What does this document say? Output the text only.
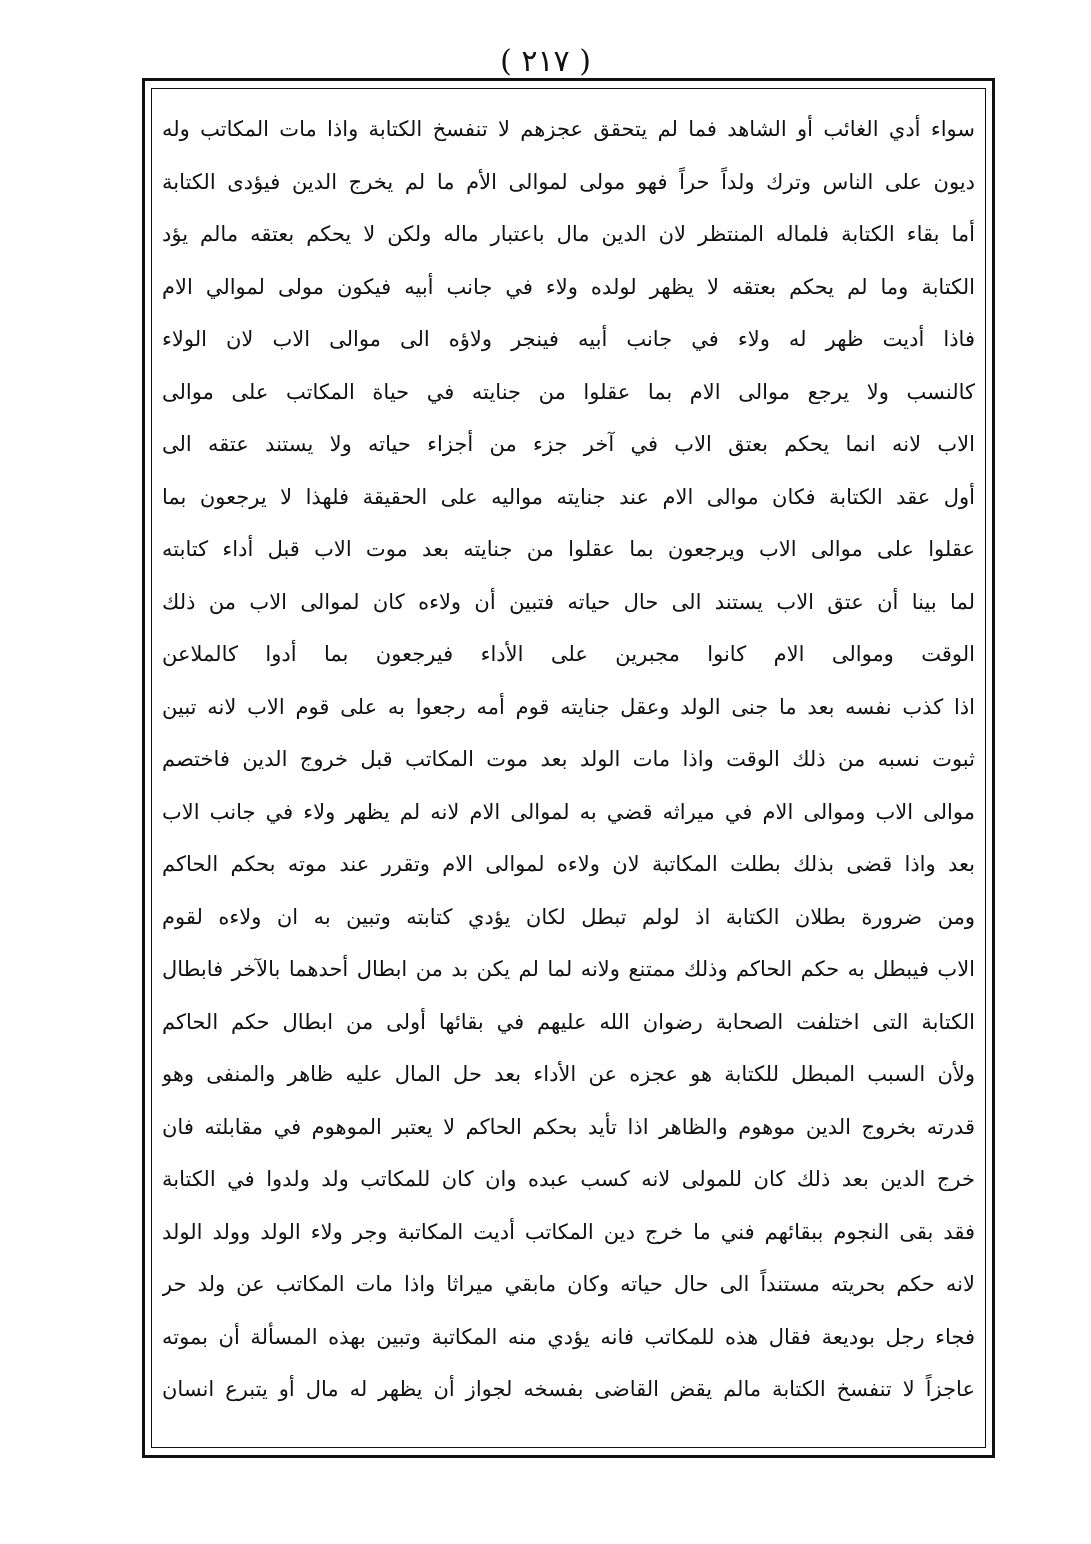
( ٢١٧ )
سواء أدي الغائب أو الشاهد فما لم يتحقق عجزهم لا تنفسخ الكتابة واذا مات المكاتب وله
ديون على الناس وترك ولداً حراً فهو مولى لموالى الأم ما لم يخرج الدين فيؤدى الكتابة
أما بقاء الكتابة فلماله المنتظر لان الدين مال باعتبار ماله ولكن لا يحكم بعتقه مالم يؤد
الكتابة وما لم يحكم بعتقه لا يظهر لولده ولاء في جانب أبيه فيكون مولى لموالي الام
فاذا أديت ظهر له ولاء في جانب أبيه فينجر ولاؤه الى موالى الاب لان الولاء
كالنسب ولا يرجع موالى الام بما عقلوا من جنايته في حياة المكاتب على موالى
الاب لانه انما يحكم بعتق الاب في آخر جزء من أجزاء حياته ولا يستند عتقه الى
أول عقد الكتابة فكان موالى الام عند جنايته مواليه على الحقيقة فلهذا لا يرجعون بما
عقلوا على موالى الاب ويرجعون بما عقلوا من جنايته بعد موت الاب قبل أداء كتابته
لما بينا أن عتق الاب يستند الى حال حياته فتبين أن ولاءه كان لموالى الاب من ذلك
الوقت وموالى الام كانوا مجبرين على الأداء فيرجعون بما أدوا كالملاعن
اذا كذب نفسه بعد ما جنى الولد وعقل جنايته قوم أمه رجعوا به على قوم الاب لانه تبين
ثبوت نسبه من ذلك الوقت واذا مات الولد بعد موت المكاتب قبل خروج الدين فاختصم
موالى الاب وموالى الام في ميراثه قضي به لموالى الام لانه لم يظهر ولاء في جانب الاب
بعد واذا قضى بذلك بطلت المكاتبة لان ولاءه لموالى الام وتقرر عند موته بحكم الحاكم
ومن ضرورة بطلان الكتابة اذ لولم تبطل لكان يؤدي كتابته وتبين به ان ولاءه لقوم
الاب فيبطل به حكم الحاكم وذلك ممتنع ولانه لما لم يكن بد من ابطال أحدهما بالآخر فابطال
الكتابة التى اختلفت الصحابة رضوان الله عليهم في بقائها أولى من ابطال حكم الحاكم
ولأن السبب المبطل للكتابة هو عجزه عن الأداء بعد حل المال عليه ظاهر والمنفى وهو
قدرته بخروج الدين موهوم والظاهر اذا تأيد بحكم الحاكم لا يعتبر الموهوم في مقابلته فان
خرج الدين بعد ذلك كان للمولى لانه كسب عبده وان كان للمكاتب ولد ولدوا في الكتابة
فقد بقى النجوم ببقائهم فني ما خرج دين المكاتب أديت المكاتبة وجر ولاء الولد وولد الولد
لانه حكم بحريته مستنداً الى حال حياته وكان مابقي ميراثا واذا مات المكاتب عن ولد حر
فجاء رجل بوديعة فقال هذه للمكاتب فانه يؤدي منه المكاتبة وتبين بهذه المسألة أن بموته
عاجزاً لا تنفسخ الكتابة مالم يقض القاضى بفسخه لجواز أن يظهر له مال أو يتبرع انسان
